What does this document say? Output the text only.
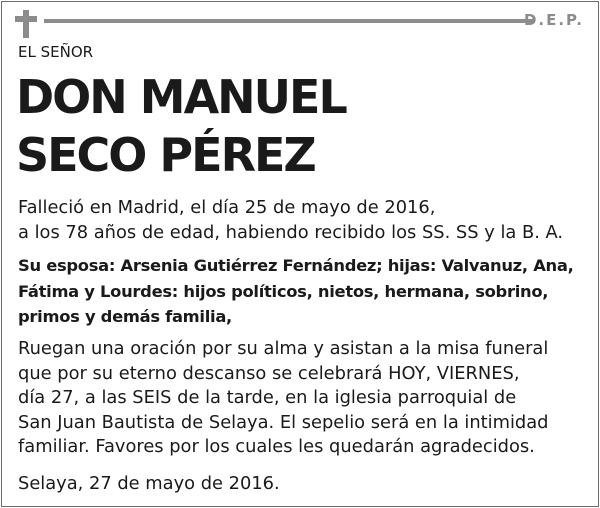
D.E.P.
EL SEÑOR
DON MANUEL
SECO PÉREZ

Falleció en Madrid, el día 25 de mayo de 2016,
a los 78 años de edad, habiendo recibido los SS. SS y la B. A.

Su esposa: Arsenia Gutiérrez Fernández; hijas: Valvanuz, Ana,
Fátima y Lourdes: hijos políticos, nietos, hermana, sobrino,
primos y demás familia,

Ruegan una oración por su alma y asistan a la misa funeral
que por su eterno descanso se celebrará HOY, VIERNES,
día 27, a las SEIS de la tarde, en la iglesia parroquial de
San Juan Bautista de Selaya. El sepelio será en la intimidad
familiar. Favores por los cuales les quedarán agradecidos.

Selaya, 27 de mayo de 2016.
